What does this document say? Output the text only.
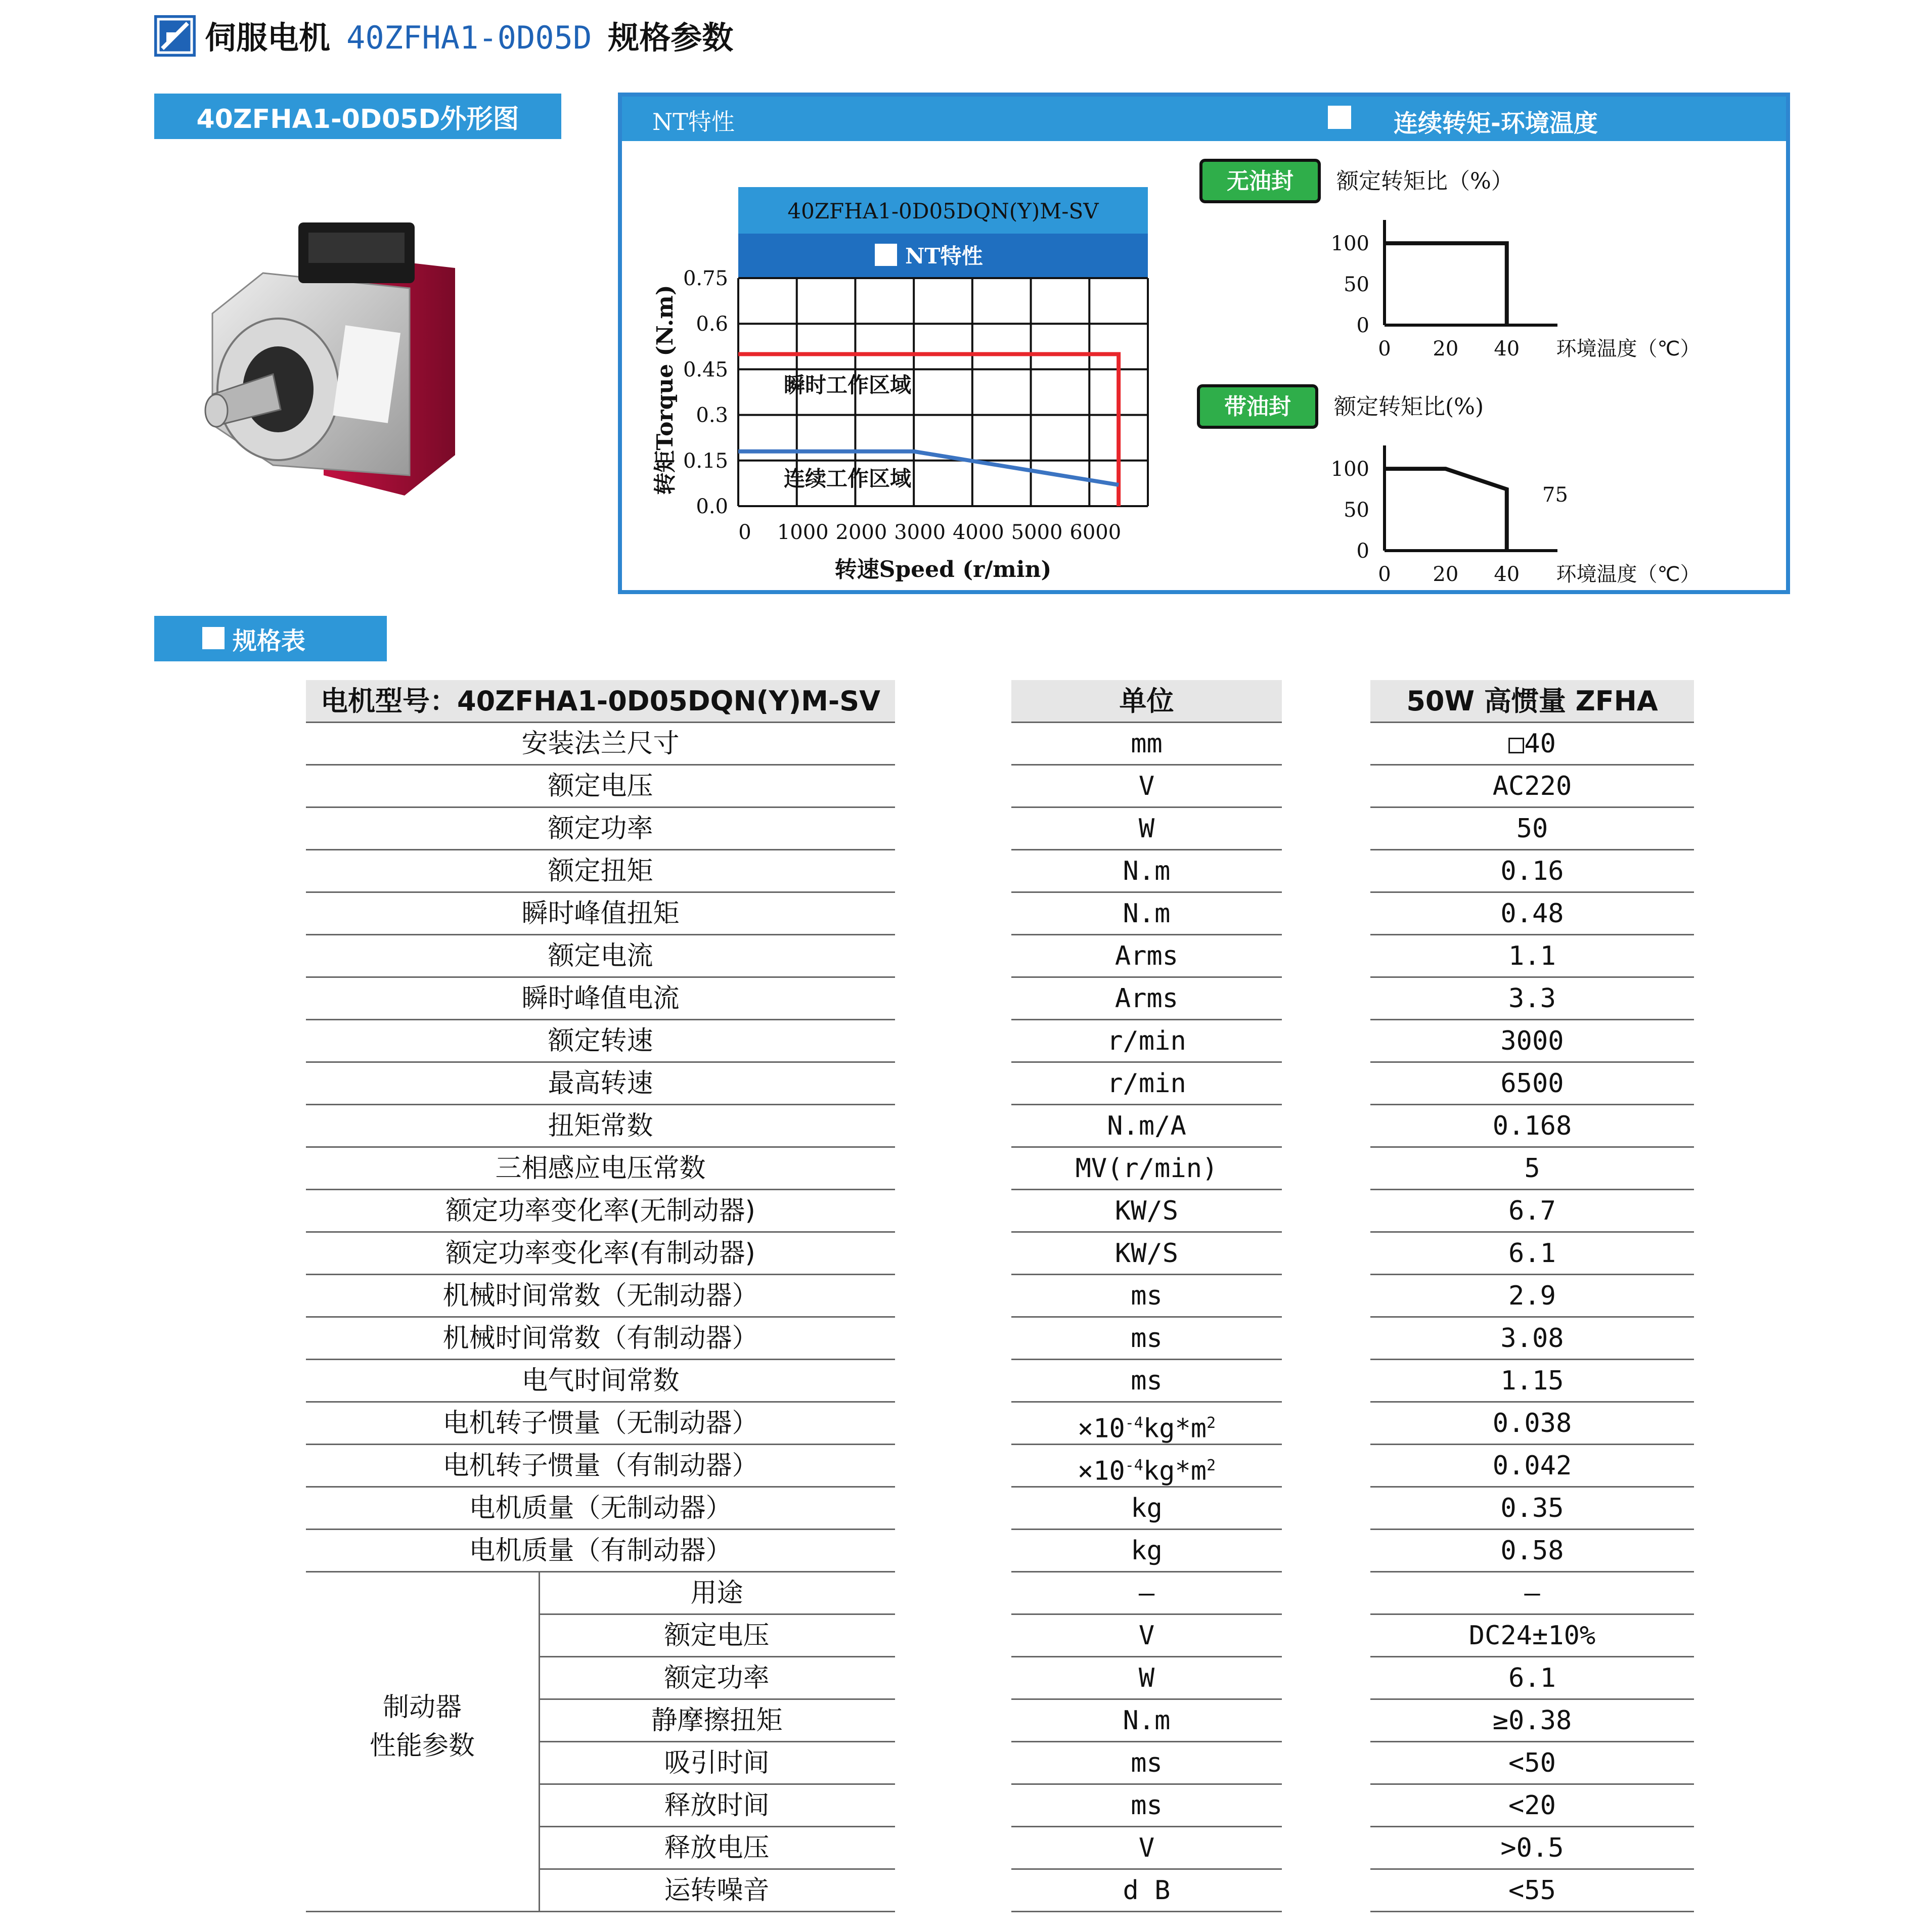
伺服电机 40ZFHA1-0D05D 规格参数
40ZFHA1-0D05D外形图	NT特性	连续转矩-环境温度
40ZFHA1-0D05DQN(Y)M-SV
NT特性
瞬时工作区域
连续工作区域
0.0
0.15
0.3
0.45
0.6
0.75
0 1000 2000 3000 4000 5000 6000
转速Speed (r/min)
转矩Torque (N.m)
无油封 额定转矩比（%）
0
50
100
0 20 40 环境温度（℃）
带油封 额定转矩比(%)
0
50
100
0 20 40 环境温度（℃）
75
规格表
电机型号：40ZFHA1-0D05DQN(Y)M-SV	单位	50W 高惯量 ZFHA
安装法兰尺寸	mm	□40
额定电压	V	AC220
额定功率	W	50
额定扭矩	N.m	0.16
瞬时峰值扭矩	N.m	0.48
额定电流	Arms	1.1
瞬时峰值电流	Arms	3.3
额定转速	r/min	3000
最高转速	r/min	6500
扭矩常数	N.m/A	0.168
三相感应电压常数	MV(r/min)	5
额定功率变化率(无制动器)	KW/S	6.7
额定功率变化率(有制动器)	KW/S	6.1
机械时间常数（无制动器）	ms	2.9
机械时间常数（有制动器）	ms	3.08
电气时间常数	ms	1.15
电机转子惯量（无制动器）	$\times 10^{-4}kg*m^2$	0.038
电机转子惯量（有制动器）	$\times 10^{-4}kg*m^2$	0.042
电机质量（无制动器）	kg	0.35
电机质量（有制动器）	kg	0.58
用途	—	—
额定电压	V	DC24±10%
额定功率	W	6.1
静摩擦扭矩	N.m	≥0.38
吸引时间	ms	<50
释放时间	ms	<20
释放电压	V	>0.5
运转噪音	d B	<55
制动器
性能参数
